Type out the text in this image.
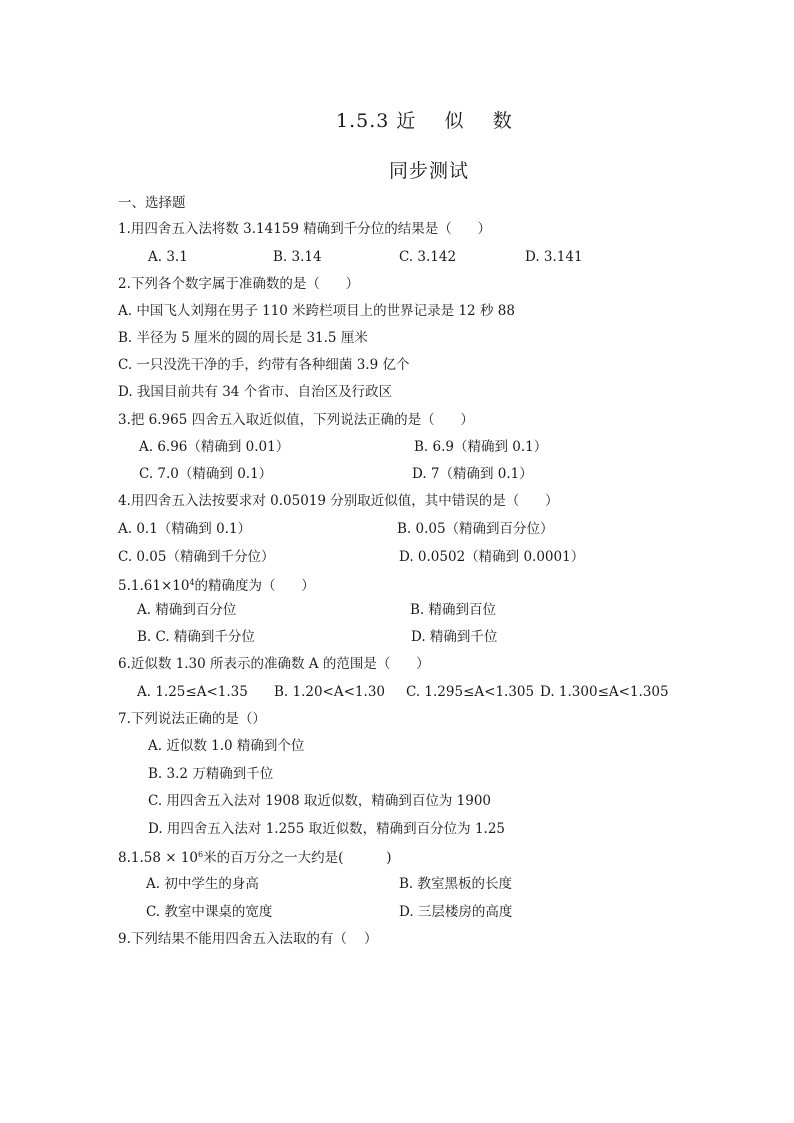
1.5.3 近    似    数
同步测试
一、选择题
1.用四舍五入法将数 3.14159 精确到千分位的结果是（      ）
A. 3.1	B. 3.14	C. 3.142	D. 3.141
2.下列各个数字属于准确数的是（      ）
A. 中国飞人刘翔在男子 110 米跨栏项目上的世界记录是 12 秒 88
B. 半径为 5 厘米的圆的周长是 31.5 厘米
C. 一只没洗干净的手，约带有各种细菌 3.9 亿个
D. 我国目前共有 34 个省市、自治区及行政区
3.把 6.965 四舍五入取近似值，下列说法正确的是（      ）
A. 6.96（精确到 0.01）	B. 6.9（精确到 0.1）
C. 7.0（精确到 0.1）	D. 7（精确到 0.1）
4.用四舍五入法按要求对 0.05019 分别取近似值，其中错误的是（      ）
A. 0.1（精确到 0.1）	B. 0.05（精确到百分位）
C. 0.05（精确到千分位）	D. 0.0502（精确到 0.0001）
$5.1.61\times 10^4$的精确度为（      ）
A. 精确到百分位	B. 精确到百位
B. C. 精确到千分位	D. 精确到千位
6.近似数 1.30 所表示的准确数 A 的范围是（      ）
A. 1.25≤A<1.35 B. 1.20<A<1.30 C. 1.295≤A<1.305 D. 1.300≤A<1.305
7.下列说法正确的是（）
A. 近似数 1.0 精确到个位
B. 3.2 万精确到千位
C. 用四舍五入法对 1908 取近似数，精确到百位为 1900
D. 用四舍五入法对 1.255 取近似数，精确到百分位为 1.25
$8.1.58 \times 10^6$米的百万分之一大约是(          )
A. 初中学生的身高	B. 教室黑板的长度
C. 教室中课桌的宽度	D. 三层楼房的高度
9.下列结果不能用四舍五入法取的有（    ）
